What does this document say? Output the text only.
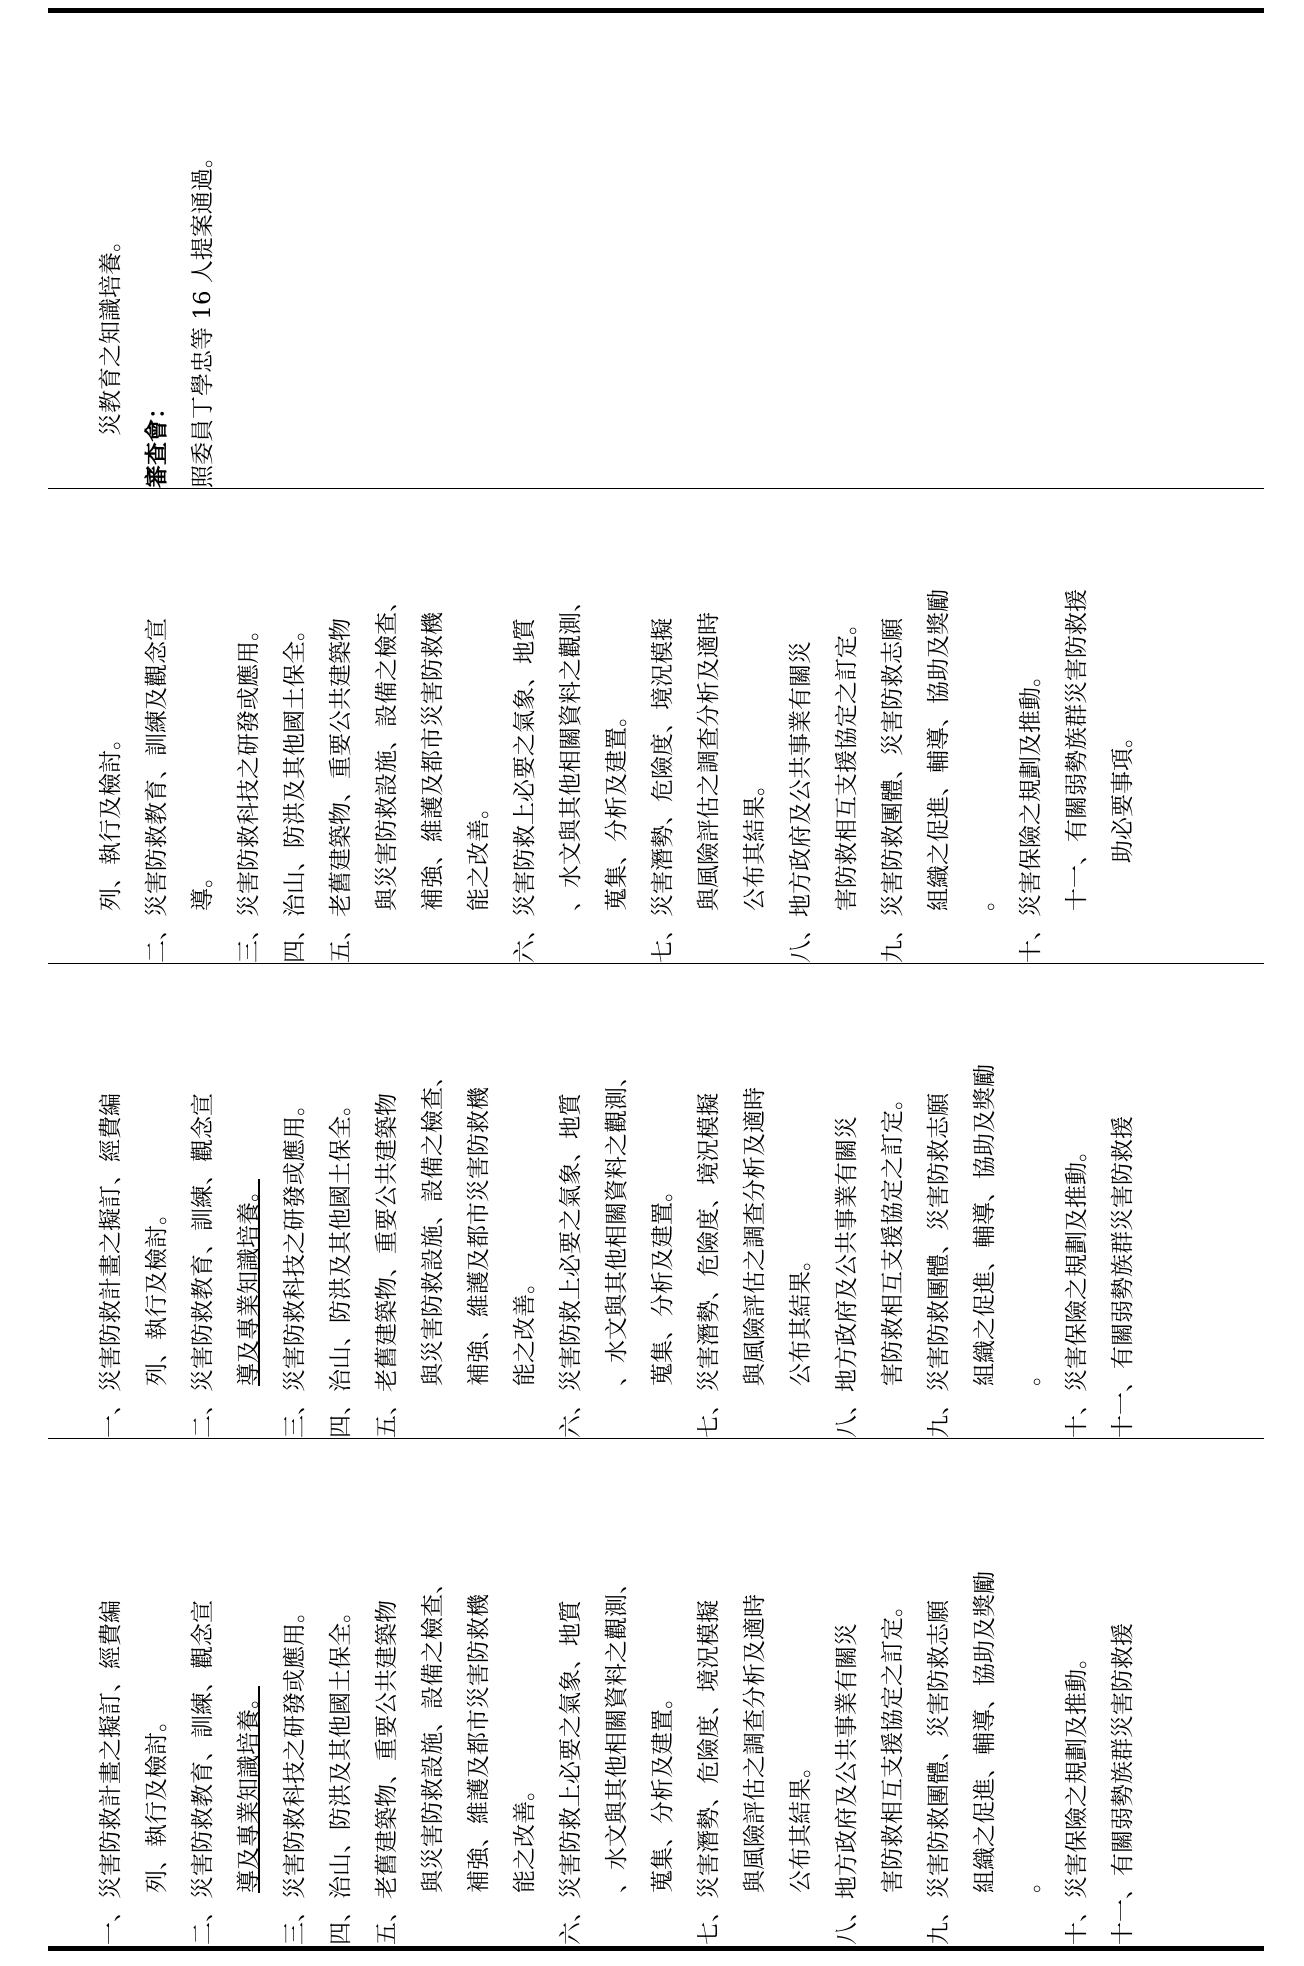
災教育之知識培養。
審查會： 照委員丁學忠等 16 人提案通過。
列、執行及檢討。 二、災害防救教育、訓練及觀念宣 導。 三、災害防救科技之研發或應用。 四、治山、防洪及其他國土保全。 五、老舊建築物、重要公共建築物 與災害防救設施、設備之檢查、 補強、維護及都市災害防救機 能之改善。 六、災害防救上必要之氣象、地質 、水文與其他相關資料之觀測、 蒐集、分析及建置。 七、災害潛勢、危險度、境況模擬 與風險評估之調查分析及適時 公布其結果。 八、地方政府及公共事業有關災 害防救相互支援協定之訂定。 九、災害防救團體、災害防救志願 組織之促進、輔導、協助及獎勵 。 十、災害保險之規劃及推動。 十一、有關弱勢族群災害防救援 助必要事項。
一、災害防救計畫之擬訂、經費編 列、執行及檢討。 二、災害防救教育、訓練、觀念宣 導及專業知識培養。 三、災害防救科技之研發或應用。 四、治山、防洪及其他國土保全。 五、老舊建築物、重要公共建築物 與災害防救設施、設備之檢查、 補強、維護及都市災害防救機 能之改善。 六、災害防救上必要之氣象、地質 、水文與其他相關資料之觀測、 蒐集、分析及建置。 七、災害潛勢、危險度、境況模擬 與風險評估之調查分析及適時 公布其結果。 八、地方政府及公共事業有關災 害防救相互支援協定之訂定。 九、災害防救團體、災害防救志願 組織之促進、輔導、協助及獎勵 。 十、災害保險之規劃及推動。 十一、有關弱勢族群災害防救援
一、災害防救計畫之擬訂、經費編 列、執行及檢討。 二、災害防救教育、訓練、觀念宣 導及專業知識培養。 三、災害防救科技之研發或應用。 四、治山、防洪及其他國土保全。 五、老舊建築物、重要公共建築物 與災害防救設施、設備之檢查、 補強、維護及都市災害防救機 能之改善。 六、災害防救上必要之氣象、地質 、水文與其他相關資料之觀測、 蒐集、分析及建置。 七、災害潛勢、危險度、境況模擬 與風險評估之調查分析及適時 公布其結果。 八、地方政府及公共事業有關災 害防救相互支援協定之訂定。 九、災害防救團體、災害防救志願 組織之促進、輔導、協助及獎勵 。 十、災害保險之規劃及推動。 十一、有關弱勢族群災害防救援
